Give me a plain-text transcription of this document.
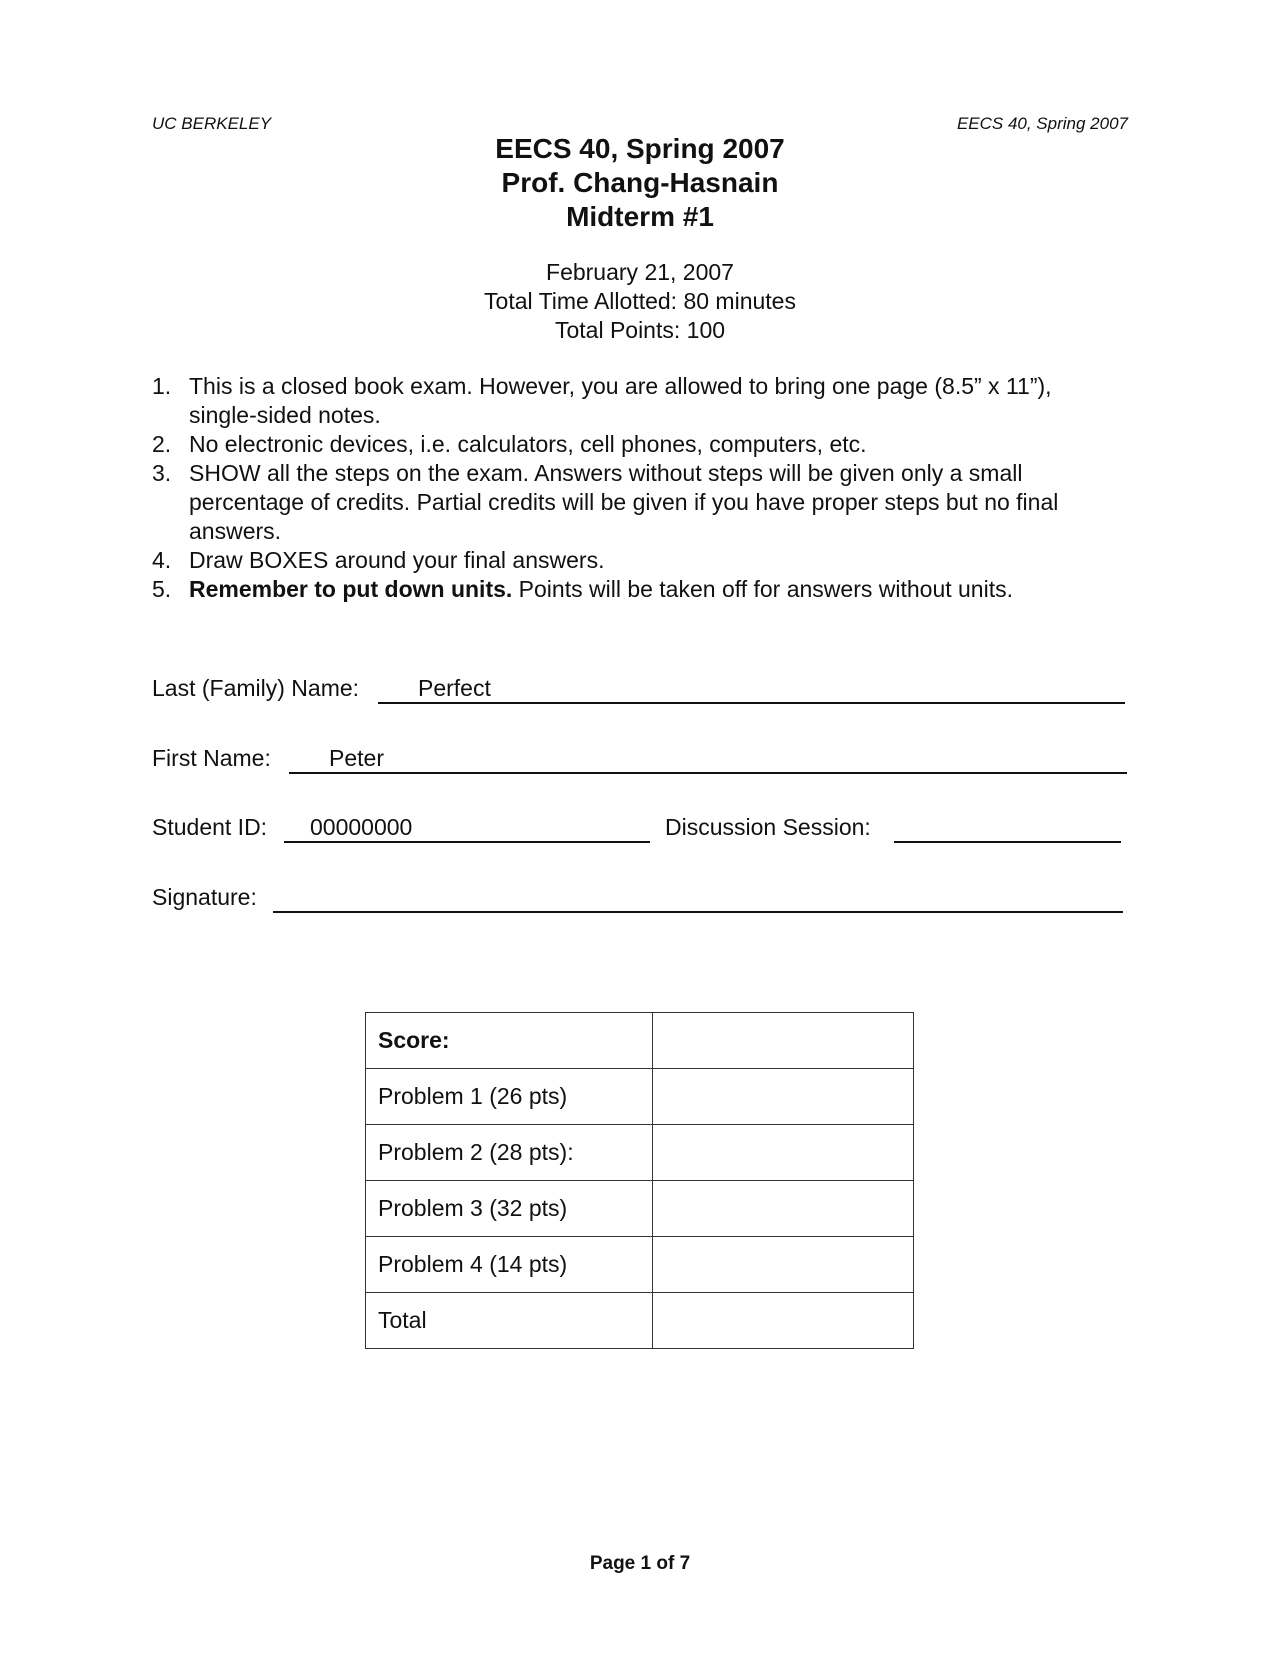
UC BERKELEY	EECS 40, Spring 2007
EECS 40, Spring 2007
Prof. Chang-Hasnain
Midterm #1
February 21, 2007
Total Time Allotted: 80 minutes
Total Points: 100
1. This is a closed book exam. However, you are allowed to bring one page (8.5” x 11”), single-sided notes.
2. No electronic devices, i.e. calculators, cell phones, computers, etc.
3. SHOW all the steps on the exam. Answers without steps will be given only a small percentage of credits. Partial credits will be given if you have proper steps but no final answers.
4. Draw BOXES around your final answers.
5. Remember to put down units. Points will be taken off for answers without units.
Last (Family) Name:	Perfect
First Name:	Peter
Student ID: 00000000	Discussion Session:
Signature:
Score:	
Problem 1 (26 pts)	
Problem 2 (28 pts):	
Problem 3 (32 pts)	
Problem 4 (14 pts)	
Total	
Page 1 of 7
